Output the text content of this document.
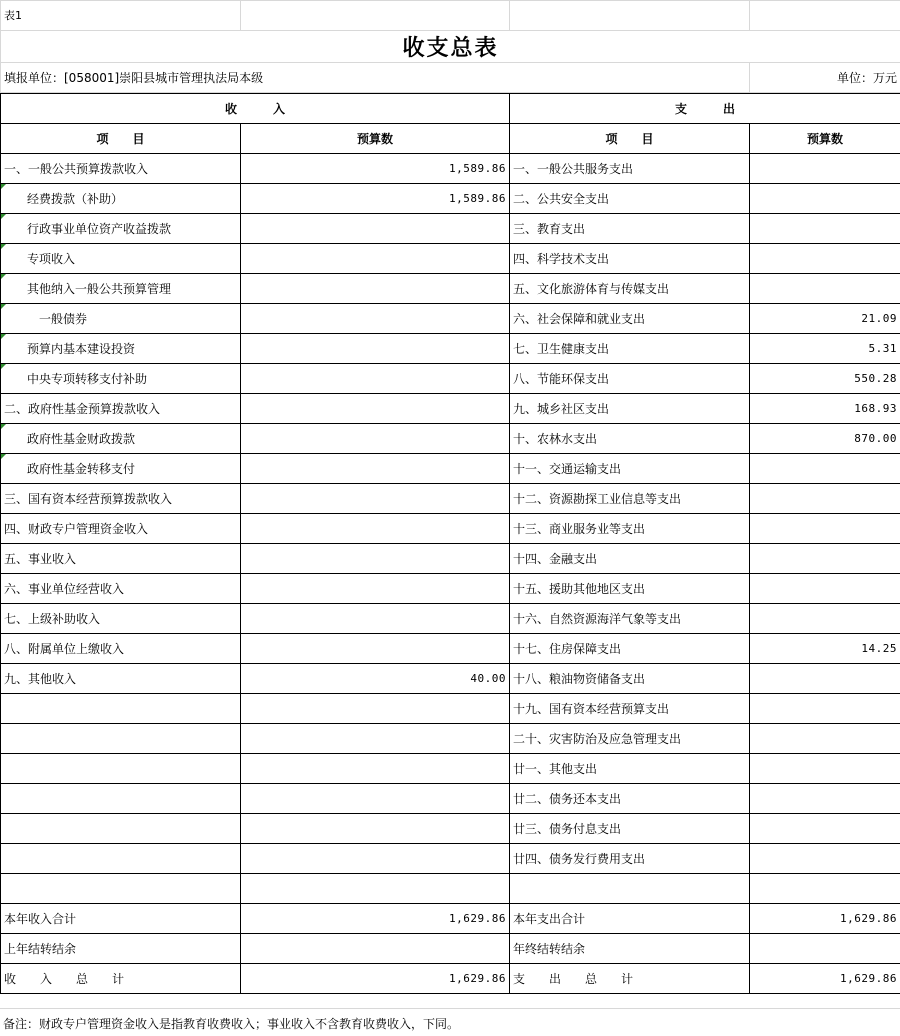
表1			
收支总表			
填报单位：[058001]崇阳县城市管理执法局本级			单位：万元
收　　　入		支　　　出	
项　　目	预算数	项　　目	预算数
一、一般公共预算拨款收入	1,589.86	一、一般公共服务支出	
经费拨款（补助）	1,589.86	二、公共安全支出	
行政事业单位资产收益拨款		三、教育支出	
专项收入		四、科学技术支出	
其他纳入一般公共预算管理		五、文化旅游体育与传媒支出	
一般债券		六、社会保障和就业支出	21.09
预算内基本建设投资		七、卫生健康支出	5.31
中央专项转移支付补助		八、节能环保支出	550.28
二、政府性基金预算拨款收入		九、城乡社区支出	168.93
政府性基金财政拨款		十、农林水支出	870.00
政府性基金转移支付		十一、交通运输支出	
三、国有资本经营预算拨款收入		十二、资源勘探工业信息等支出	
四、财政专户管理资金收入		十三、商业服务业等支出	
五、事业收入		十四、金融支出	
六、事业单位经营收入		十五、援助其他地区支出	
七、上级补助收入		十六、自然资源海洋气象等支出	
八、附属单位上缴收入		十七、住房保障支出	14.25
九、其他收入	40.00	十八、粮油物资储备支出	
		十九、国有资本经营预算支出	
		二十、灾害防治及应急管理支出	
		廿一、其他支出	
		廿二、债务还本支出	
		廿三、债务付息支出	
		廿四、债务发行费用支出	

本年收入合计	1,629.86	本年支出合计	1,629.86
上年结转结余		年终结转结余	
收　　入　　总　　计	1,629.86	支　　出　　总　　计	1,629.86
备注：财政专户管理资金收入是指教育收费收入；事业收入不含教育收费收入，下同。
